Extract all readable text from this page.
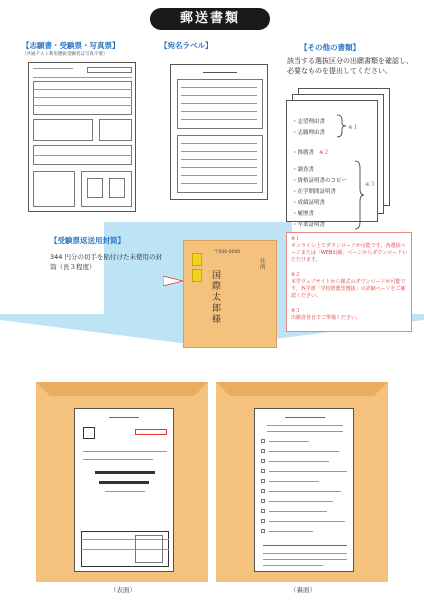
郵送書類
【志願書・受験票・写真票】
（共通テスト利用選抜受験者は写真不要）
【宛名ラベル】	【その他の書類】
該当する選抜区分の出願書類を確認し、必要なものを提出してください。
・志望理由書
・志願理由書
※１
・推薦書 ※２
・調査書
・資格証明書のコピー
・在学期間証明書
・成績証明書
・履歴書
・卒業証明書
※３
【受験票返送用封筒】
344 円分の切手を貼付けた未使用の封筒（長３程度）
〒000-0000
住所
国際　太郎様
※１
オンライン上でダウンロードが可能です。各選抜ページまたは「WEB出願」ページからダウンロードいただけます。
※２
本学ウェブサイトから様式のダウンロードが可能です。各学部「学校推薦型選抜」の詳細ページをご確認ください。
※３
出願者各自でご準備ください。
（表面）	（裏面）
